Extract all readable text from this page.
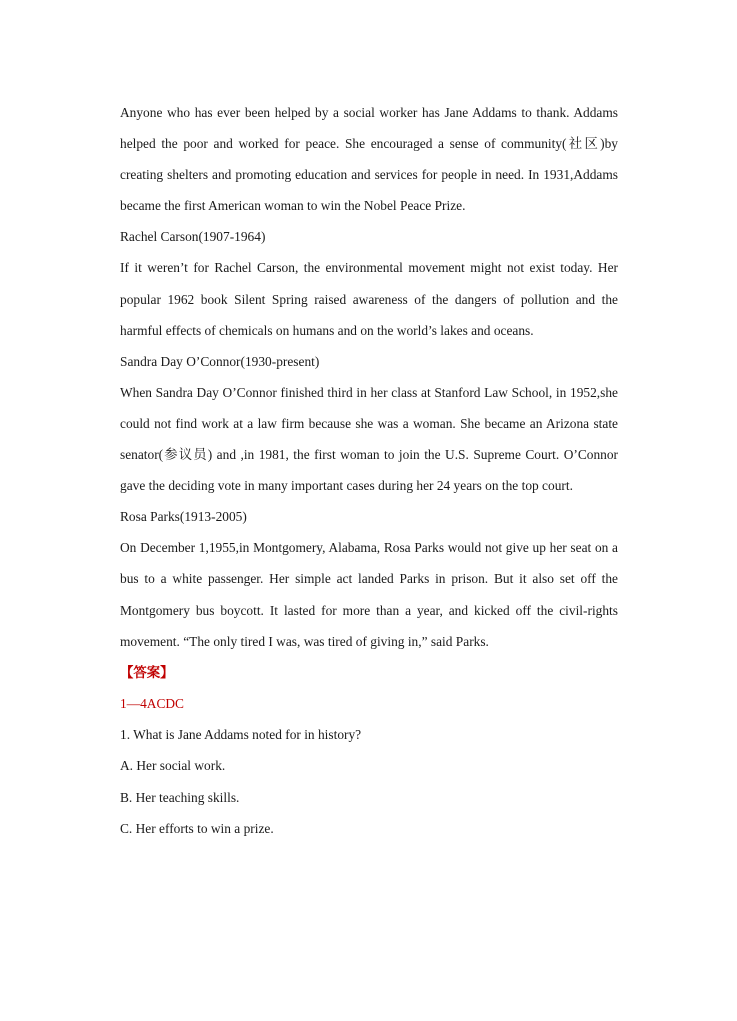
Anyone who has ever been helped by a social worker has Jane Addams to thank. Addams helped the poor and worked for peace. She encouraged a sense of community(社区)by creating shelters and promoting education and services for people in need. In 1931,Addams became the first American woman to win the Nobel Peace Prize.

Rachel Carson(1907-1964)

If it weren’t for Rachel Carson, the environmental movement might not exist today. Her popular 1962 book Silent Spring raised awareness of the dangers of pollution and the harmful effects of chemicals on humans and on the world’s lakes and oceans.

Sandra Day O’Connor(1930-present)

When Sandra Day O’Connor finished third in her class at Stanford Law School, in 1952,she could not find work at a law firm because she was a woman. She became an Arizona state senator(参议员) and ,in 1981, the first woman to join the U.S. Supreme Court. O’Connor gave the deciding vote in many important cases during her 24 years on the top court.

Rosa Parks(1913-2005)

On December 1,1955,in Montgomery, Alabama, Rosa Parks would not give up her seat on a bus to a white passenger. Her simple act landed Parks in prison. But it also set off the Montgomery bus boycott. It lasted for more than a year, and kicked off the civil-rights movement. “The only tired I was, was tired of giving in,” said Parks.

【答案】

1—4ACDC

1. What is Jane Addams noted for in history?

A. Her social work.

B. Her teaching skills.

C. Her efforts to win a prize.
